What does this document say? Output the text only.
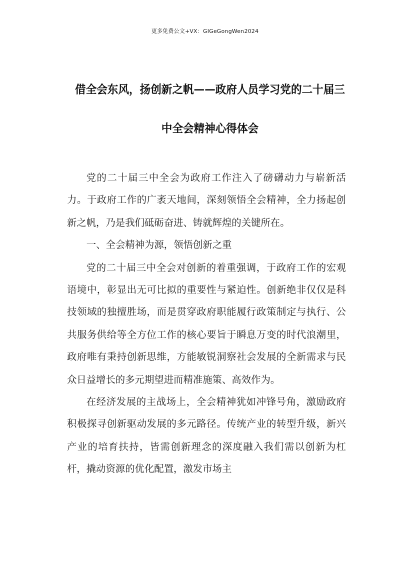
更多免费公文+VX：GIGeGongWen2024
借全会东风，扬创新之帆——政府人员学习党的二十届三
中全会精神心得体会

党的二十届三中全会为政府工作注入了磅礴动力与崭新活力。于政府工作的广袤天地间，深刻领悟全会精神，全力扬起创新之帆，乃是我们砥砺奋进、铸就辉煌的关键所在。

一、全会精神为源，领悟创新之重

党的二十届三中全会对创新的着重强调，于政府工作的宏观语境中，彰显出无可比拟的重要性与紧迫性。创新绝非仅仅是科技领域的独擅胜场，而是贯穿政府职能履行政策制定与执行、公共服务供给等全方位工作的核心要旨于瞬息万变的时代浪潮里，政府唯有秉持创新思维，方能敏锐洞察社会发展的全新需求与民众日益增长的多元期望进而精准施策、高效作为。

在经济发展的主战场上，全会精神犹如冲锋号角，激励政府积极探寻创新驱动发展的多元路径。传统产业的转型升级，新兴产业的培育扶持，皆需创新理念的深度融入我们需以创新为杠杆，撬动资源的优化配置，激发市场主
